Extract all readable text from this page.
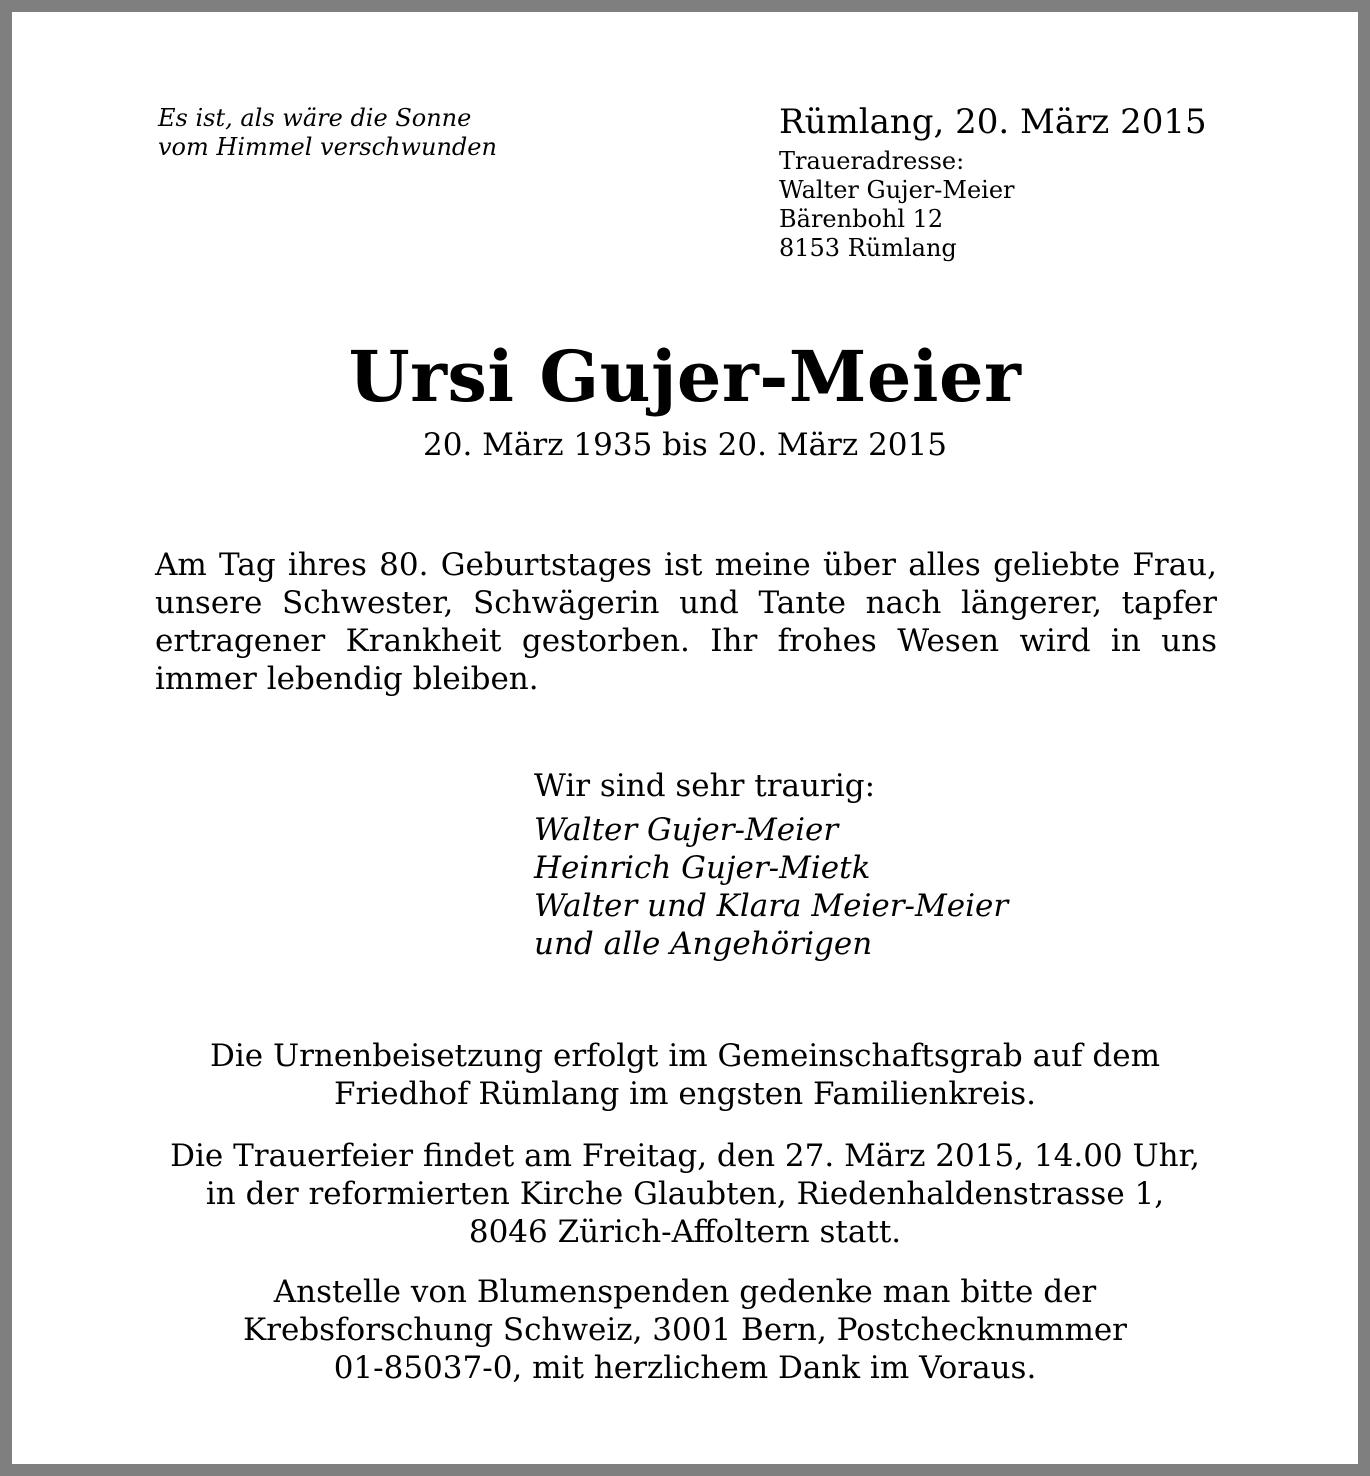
Es ist, als wäre die Sonne
vom Himmel verschwunden
Rümlang, 20. März 2015
Traueradresse:
Walter Gujer-Meier
Bärenbohl 12
8153 Rümlang
Ursi Gujer-Meier
20. März 1935 bis 20. März 2015
Am Tag ihres 80. Geburtstages ist meine über alles geliebte Frau, unsere Schwester, Schwägerin und Tante nach längerer, tapfer ertragener Krankheit gestorben. Ihr frohes Wesen wird in uns immer lebendig bleiben.
Wir sind sehr traurig:
Walter Gujer-Meier
Heinrich Gujer-Mietk
Walter und Klara Meier-Meier
und alle Angehörigen
Die Urnenbeisetzung erfolgt im Gemeinschaftsgrab auf dem
Friedhof Rümlang im engsten Familienkreis.
Die Trauerfeier findet am Freitag, den 27. März 2015, 14.00 Uhr,
in der reformierten Kirche Glaubten, Riedenhaldenstrasse 1,
8046 Zürich-Affoltern statt.
Anstelle von Blumenspenden gedenke man bitte der
Krebsforschung Schweiz, 3001 Bern, Postchecknummer
01-85037-0, mit herzlichem Dank im Voraus.
